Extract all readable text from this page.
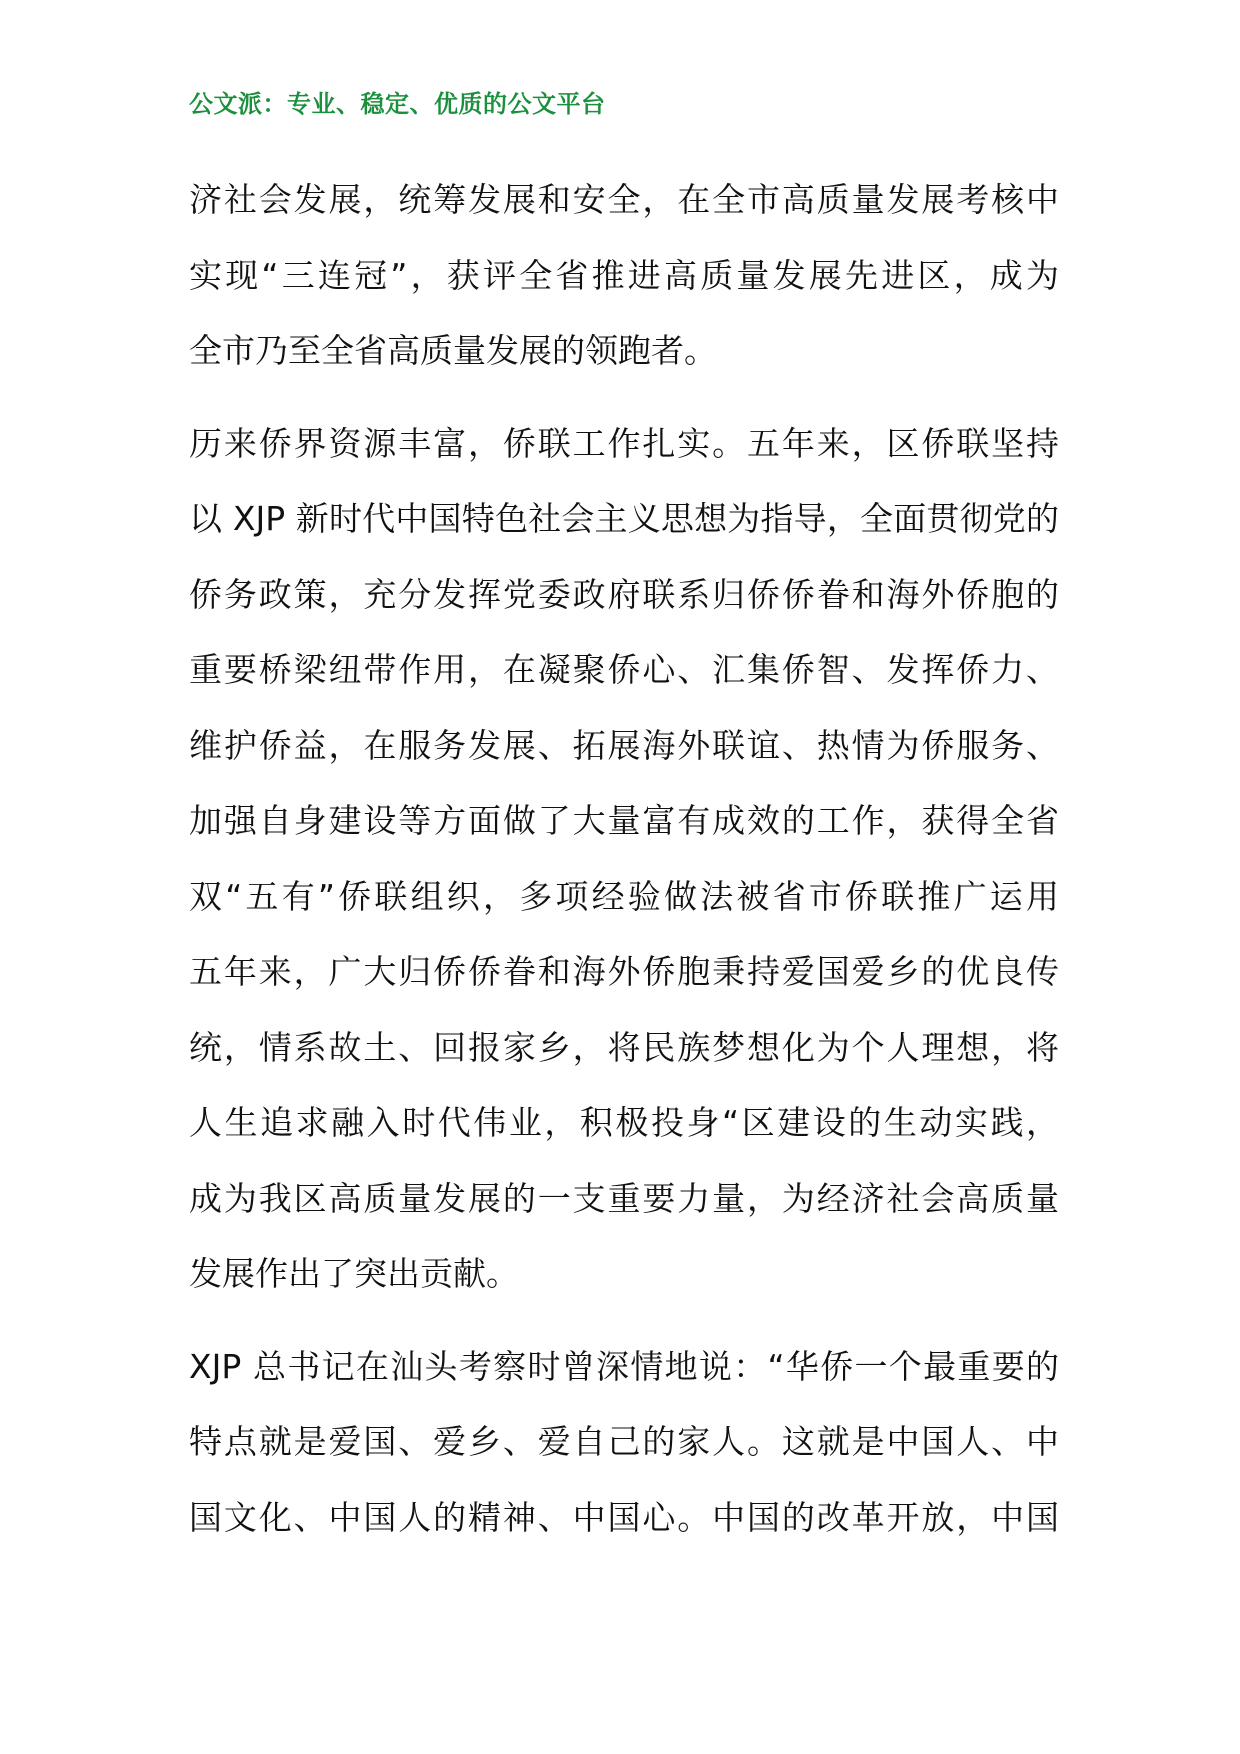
公文派：专业、稳定、优质的公文平台
济社会发展，统筹发展和安全，在全市高质量发展考核中
实现“三连冠”，获评全省推进高质量发展先进区，成为
全市乃至全省高质量发展的领跑者。
历来侨界资源丰富，侨联工作扎实。五年来，区侨联坚持
以 XJP 新时代中国特色社会主义思想为指导，全面贯彻党的
侨务政策，充分发挥党委政府联系归侨侨眷和海外侨胞的
重要桥梁纽带作用，在凝聚侨心、汇集侨智、发挥侨力、
维护侨益，在服务发展、拓展海外联谊、热情为侨服务、
加强自身建设等方面做了大量富有成效的工作，获得全省
双“五有”侨联组织，多项经验做法被省市侨联推广运用
五年来，广大归侨侨眷和海外侨胞秉持爱国爱乡的优良传
统，情系故土、回报家乡，将民族梦想化为个人理想，将
人生追求融入时代伟业，积极投身“区建设的生动实践，
成为我区高质量发展的一支重要力量，为经济社会高质量
发展作出了突出贡献。
XJP 总书记在汕头考察时曾深情地说：“华侨一个最重要的
特点就是爱国、爱乡、爱自己的家人。这就是中国人、中
国文化、中国人的精神、中国心。中国的改革开放，中国
